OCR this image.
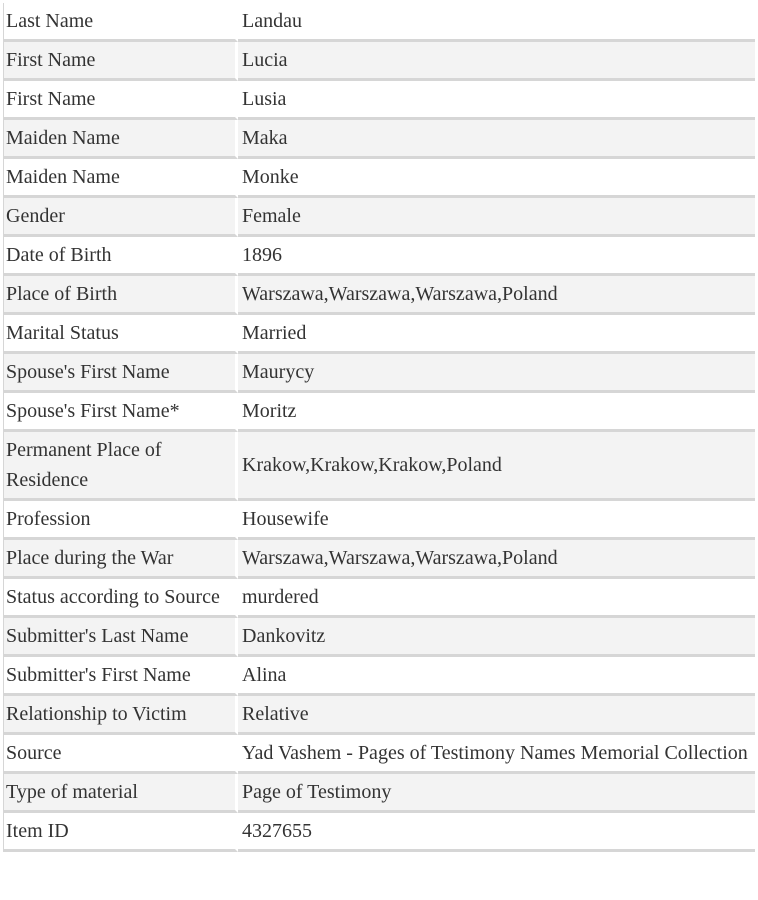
Last Name	Landau
First Name	Lucia
First Name	Lusia
Maiden Name	Maka
Maiden Name	Monke
Gender	Female
Date of Birth	1896
Place of Birth	Warszawa,Warszawa,Warszawa,Poland
Marital Status	Married
Spouse's First Name	Maurycy
Spouse's First Name*	Moritz
Permanent Place of Residence	Krakow,Krakow,Krakow,Poland
Profession	Housewife
Place during the War	Warszawa,Warszawa,Warszawa,Poland
Status according to Source	murdered
Submitter's Last Name	Dankovitz
Submitter's First Name	Alina
Relationship to Victim	Relative
Source	Yad Vashem - Pages of Testimony Names Memorial Collection
Type of material	Page of Testimony
Item ID	4327655
